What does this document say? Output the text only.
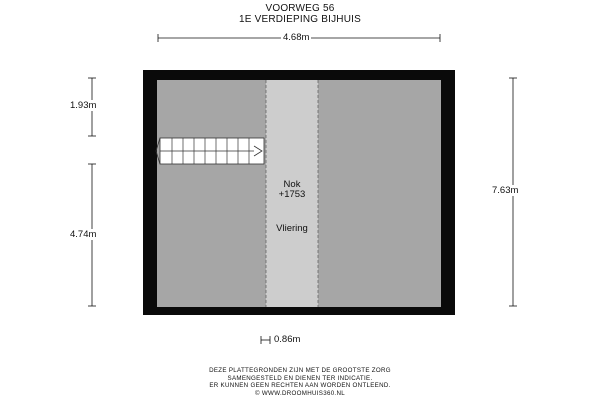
VOORWEG 56
1E VERDIEPING BIJHUIS
4.68m
1.93m
4.74m
7.63m
0.86m
Nok
+1753
Vliering
DEZE PLATTEGRONDEN ZIJN MET DE GROOTSTE ZORG
SAMENGESTELD EN DIENEN TER INDICATIE.
ER KUNNEN GEEN RECHTEN AAN WORDEN ONTLEEND.
© WWW.DROOMHUIS360.NL
